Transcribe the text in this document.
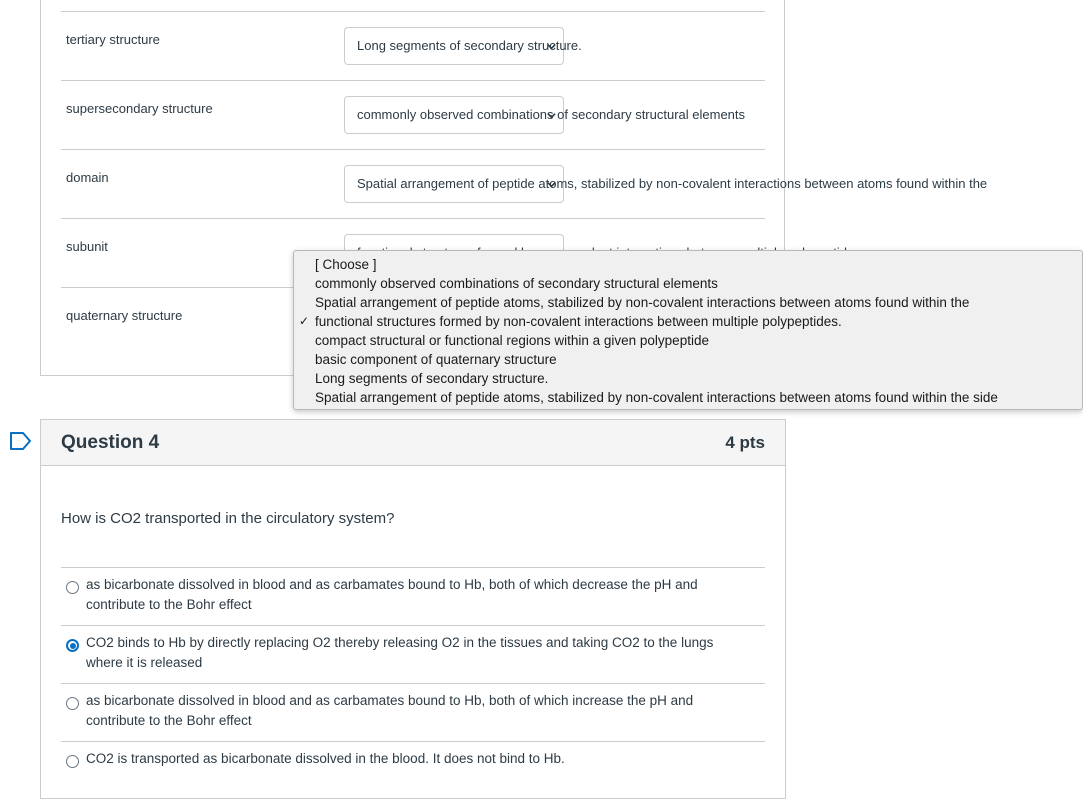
tertiary structure	Long segments of secondary structure.
supersecondary structure	commonly observed combinations of secondary structural elements
domain	Spatial arrangement of peptide atoms, stabilized by non-covalent interactions between atoms found within the
subunit
quaternary structure
[ Choose ]
commonly observed combinations of secondary structural elements
Spatial arrangement of peptide atoms, stabilized by non-covalent interactions between atoms found within the
✓ functional structures formed by non-covalent interactions between multiple polypeptides.
compact structural or functional regions within a given polypeptide
basic component of quaternary structure
Long segments of secondary structure.
Spatial arrangement of peptide atoms, stabilized by non-covalent interactions between atoms found within the side
Question 4	4 pts
How is CO2 transported in the circulatory system?
as bicarbonate dissolved in blood and as carbamates bound to Hb, both of which decrease the pH and contribute to the Bohr effect
CO2 binds to Hb by directly replacing O2 thereby releasing O2 in the tissues and taking CO2 to the lungs where it is released
as bicarbonate dissolved in blood and as carbamates bound to Hb, both of which increase the pH and contribute to the Bohr effect
CO2 is transported as bicarbonate dissolved in the blood. It does not bind to Hb.
